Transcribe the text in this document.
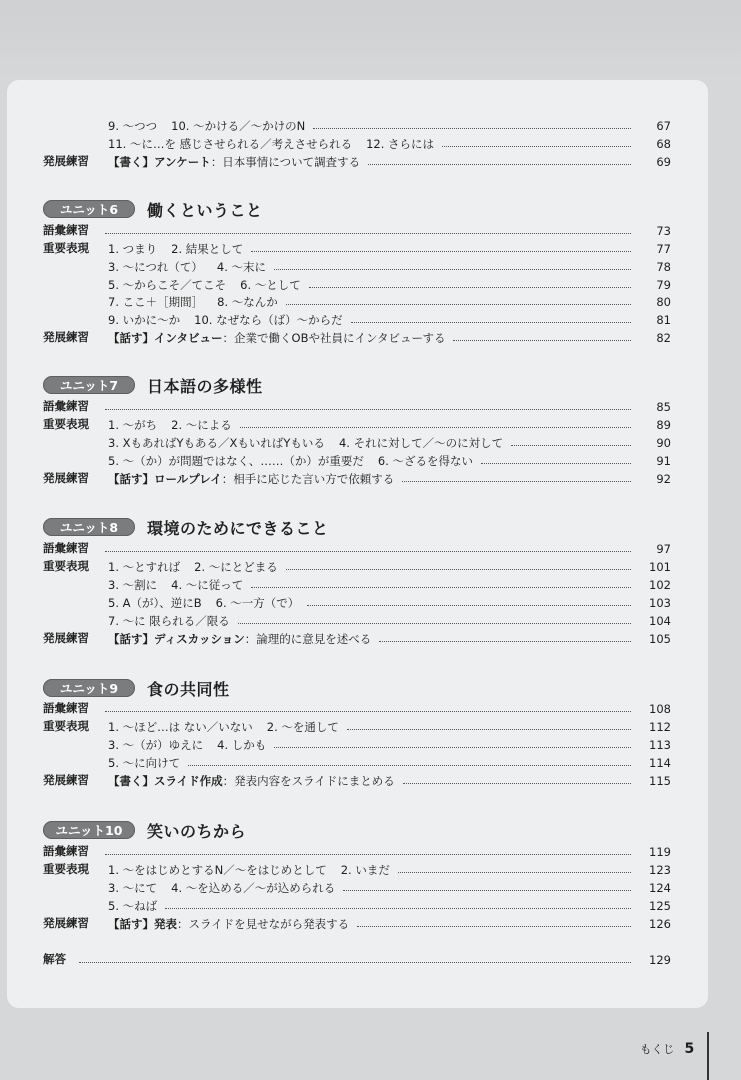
9. ～つつ 10. ～かける／～かけのN	67
11. ～に…を 感じさせられる／考えさせられる 12. さらには	68
発展練習 【書く】アンケート ：日本事情について調査する	69
ユニット6	働くということ
語彙練習	73
重要表現 1. つまり 2. 結果として	77
3. ～につれ（て） 4. ～末に	78
5. ～からこそ／てこそ 6. ～として	79
7. ここ＋［期間］ 8. ～なんか	80
9. いかに～か 10. なぜなら（ば）～からだ	81
発展練習 【話す】インタビュー ：企業で働くOBや社員にインタビューする	82
ユニット7	日本語の多様性
語彙練習	85
重要表現 1. ～がち 2. ～による	89
3. XもあればYもある／XもいればYもいる 4. それに対して／～のに対して	90
5. ～（か）が問題ではなく、……（か）が重要だ 6. ～ざるを得ない	91
発展練習 【話す】ロールプレイ ：相手に応じた言い方で依頼する	92
ユニット8	環境のためにできること
語彙練習	97
重要表現 1. ～とすれば 2. ～にとどまる	101
3. ～割に 4. ～に従って	102
5. A（が）、逆にB 6. ～一方（で）	103
7. ～に 限られる／限る	104
発展練習 【話す】ディスカッション ：論理的に意見を述べる	105
ユニット9	食の共同性
語彙練習	108
重要表現 1. ～ほど…は ない／いない 2. ～を通して	112
3. ～（が）ゆえに 4. しかも	113
5. ～に向けて	114
発展練習 【書く】スライド作成 ：発表内容をスライドにまとめる	115
ユニット10	笑いのちから
語彙練習	119
重要表現 1. ～をはじめとするN／～をはじめとして 2. いまだ	123
3. ～にて 4. ～を込める／～が込められる	124
5. ～ねば	125
発展練習 【話す】発表 ：スライドを見せながら発表する	126
解答	129
もくじ 5
